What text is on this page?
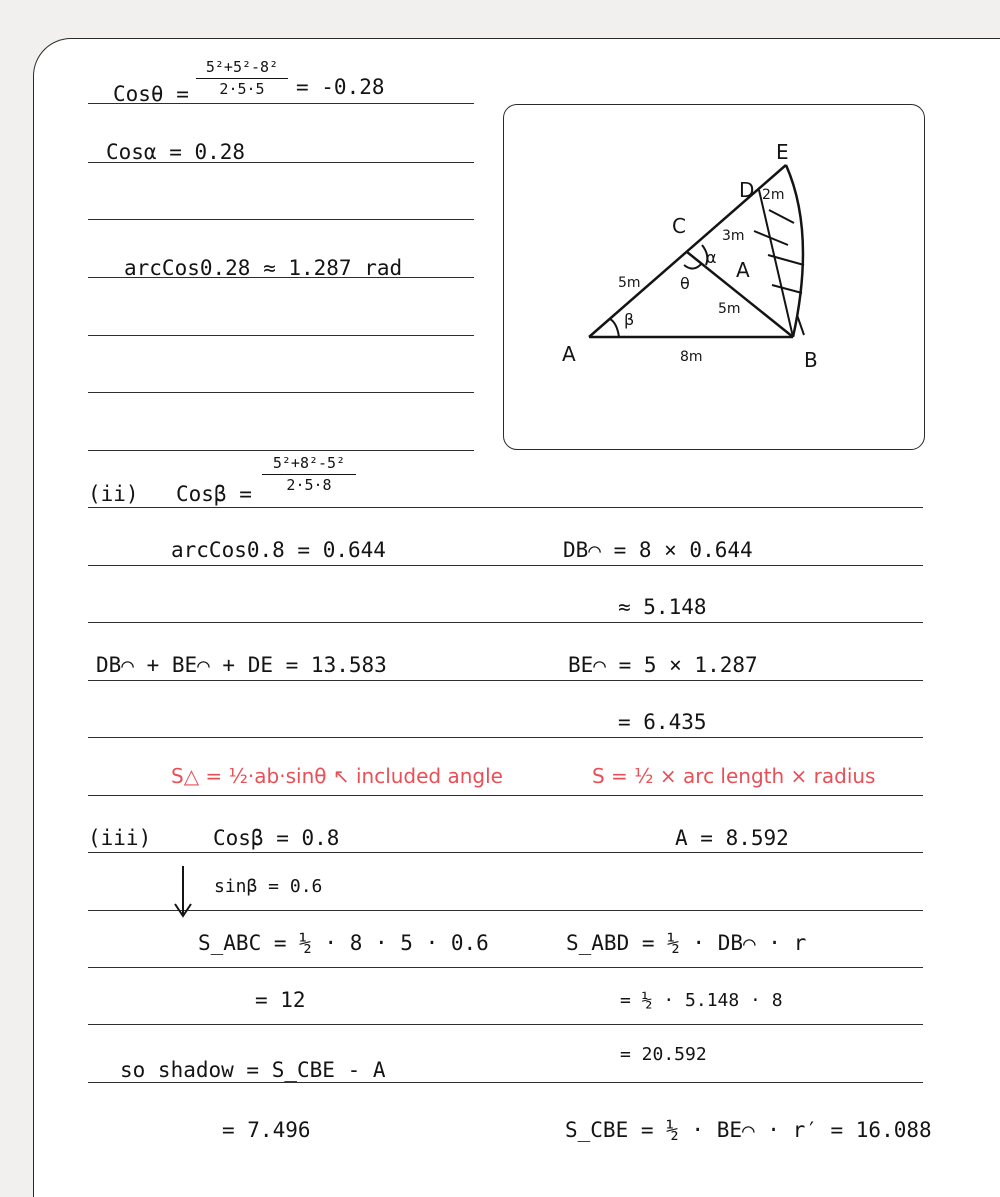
Cosθ =
5²+5²-8²
2·5·5	= -0.28
Cosα = 0.28
arcCos0.28 ≈ 1.287 rad
E
D
C
A	B
2m
3m
5m
5m
8m
α
θ
β
A
(ii) Cosβ =
5²+8²-5²
2·5·8
arcCos0.8 = 0.644	DB⌒ = 8 × 0.644
≈ 5.148
DB⌒ + BE⌒ + DE = 13.583	BE⌒ = 5 × 1.287
= 6.435
S△ = ½·ab·sinθ ↖ included angle	S = ½ × arc length × radius
(iii)	Cosβ = 0.8	A = 8.592
sinβ = 0.6
S_ABC = ½ · 8 · 5 · 0.6
= 12
S_ABD = ½ · DB⌒ · r
= ½ · 5.148 · 8
= 20.592
so shadow = S_CBE - A
= 7.496	S_CBE = ½ · BE⌒ · r′ = 16.088
